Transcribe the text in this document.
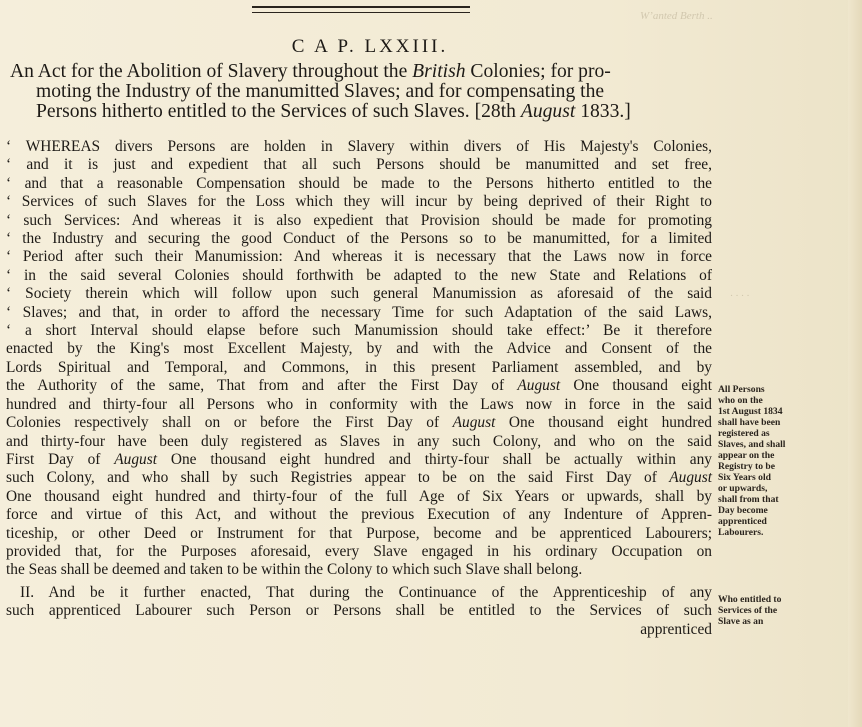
W’anted Berth ..
· · · ·
C A P. LXXIII.
An Act for the Abolition of Slavery throughout the British Colonies; for pro-
moting the Industry of the manumitted Slaves; and for compensating the
Persons hitherto entitled to the Services of such Slaves. [28th August 1833.]
‘ WHEREAS divers Persons are holden in Slavery within divers of His Majesty's Colonies,
‘ and it is just and expedient that all such Persons should be manumitted and set free,
‘ and that a reasonable Compensation should be made to the Persons hitherto entitled to the
‘ Services of such Slaves for the Loss which they will incur by being deprived of their Right to
‘ such Services: And whereas it is also expedient that Provision should be made for promoting
‘ the Industry and securing the good Conduct of the Persons so to be manumitted, for a limited
‘ Period after such their Manumission: And whereas it is necessary that the Laws now in force
‘ in the said several Colonies should forthwith be adapted to the new State and Relations of
‘ Society therein which will follow upon such general Manumission as aforesaid of the said
‘ Slaves; and that, in order to afford the necessary Time for such Adaptation of the said Laws,
‘ a short Interval should elapse before such Manumission should take effect:’ Be it therefore
enacted by the King's most Excellent Majesty, by and with the Advice and Consent of the
Lords Spiritual and Temporal, and Commons, in this present Parliament assembled, and by
the Authority of the same, That from and after the First Day of August One thousand eight
hundred and thirty-four all Persons who in conformity with the Laws now in force in the said
Colonies respectively shall on or before the First Day of August One thousand eight hundred
and thirty-four have been duly registered as Slaves in any such Colony, and who on the said
First Day of August One thousand eight hundred and thirty-four shall be actually within any
such Colony, and who shall by such Registries appear to be on the said First Day of August
One thousand eight hundred and thirty-four of the full Age of Six Years or upwards, shall by
force and virtue of this Act, and without the previous Execution of any Indenture of Appren-
ticeship, or other Deed or Instrument for that Purpose, become and be apprenticed Labourers;
provided that, for the Purposes aforesaid, every Slave engaged in his ordinary Occupation on
the Seas shall be deemed and taken to be within the Colony to which such Slave shall belong.
II. And be it further enacted, That during the Continuance of the Apprenticeship of any
such apprenticed Labourer such Person or Persons shall be entitled to the Services of such
apprenticed
All Persons
who on the
1st August 1834
shall have been
registered as
Slaves, and shall
appear on the
Registry to be
Six Years old
or upwards,
shall from that
Day become
apprenticed
Labourers.
Who entitled to
Services of the
Slave as an
